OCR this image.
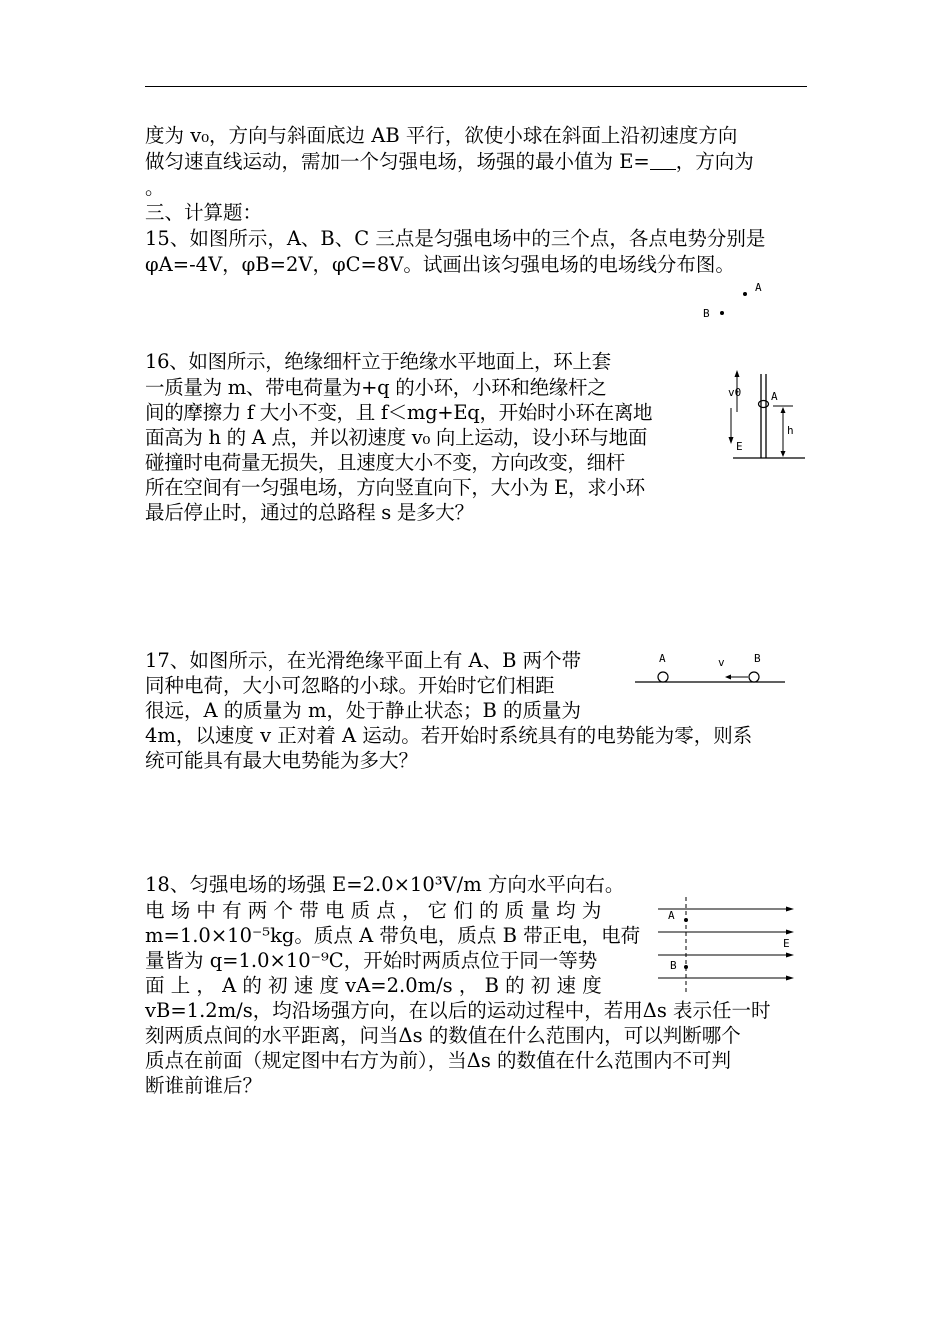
度为 v₀，方向与斜面底边 AB 平行，欲使小球在斜面上沿初速度方向
做匀速直线运动，需加一个匀强电场，场强的最小值为 E= ，方向为
。
三、计算题：
15、如图所示，A、B、C 三点是匀强电场中的三个点，各点电势分别是
φA=-4V，φB=2V，φC=8V。试画出该匀强电场的电场线分布图。
A
B
16、如图所示，绝缘细杆立于绝缘水平地面上，环上套
一质量为 m、带电荷量为+q 的小环，小环和绝缘杆之
间的摩擦力 f 大小不变，且 f＜mg+Eq，开始时小环在离地
面高为 h 的 A 点，并以初速度 v₀ 向上运动，设小环与地面
碰撞时电荷量无损失，且速度大小不变，方向改变，细杆
所在空间有一匀强电场，方向竖直向下，大小为 E，求小环
最后停止时，通过的总路程 s 是多大？
v0
E
A
h
17、如图所示，在光滑绝缘平面上有 A、B 两个带
同种电荷，大小可忽略的小球。开始时它们相距
很远，A 的质量为 m，处于静止状态；B 的质量为
4m，以速度 v 正对着 A 运动。若开始时系统具有的电势能为零，则系
统可能具有最大电势能为多大？
A	v	B
18、匀强电场的场强 E=2.0×10³V/m 方向水平向右。
电 场 中 有 两 个 带 电 质 点 ， 它 们 的 质 量 均 为
m=1.0×10⁻⁵kg。质点 A 带负电，质点 B 带正电，电荷
量皆为 q=1.0×10⁻⁹C，开始时两质点位于同一等势
面 上 ， A 的 初 速 度 vA=2.0m/s ， B 的 初 速 度
vB=1.2m/s，均沿场强方向，在以后的运动过程中，若用Δs 表示任一时
刻两质点间的水平距离，问当Δs 的数值在什么范围内，可以判断哪个
质点在前面（规定图中右方为前），当Δs 的数值在什么范围内不可判
断谁前谁后？
A
B
E
